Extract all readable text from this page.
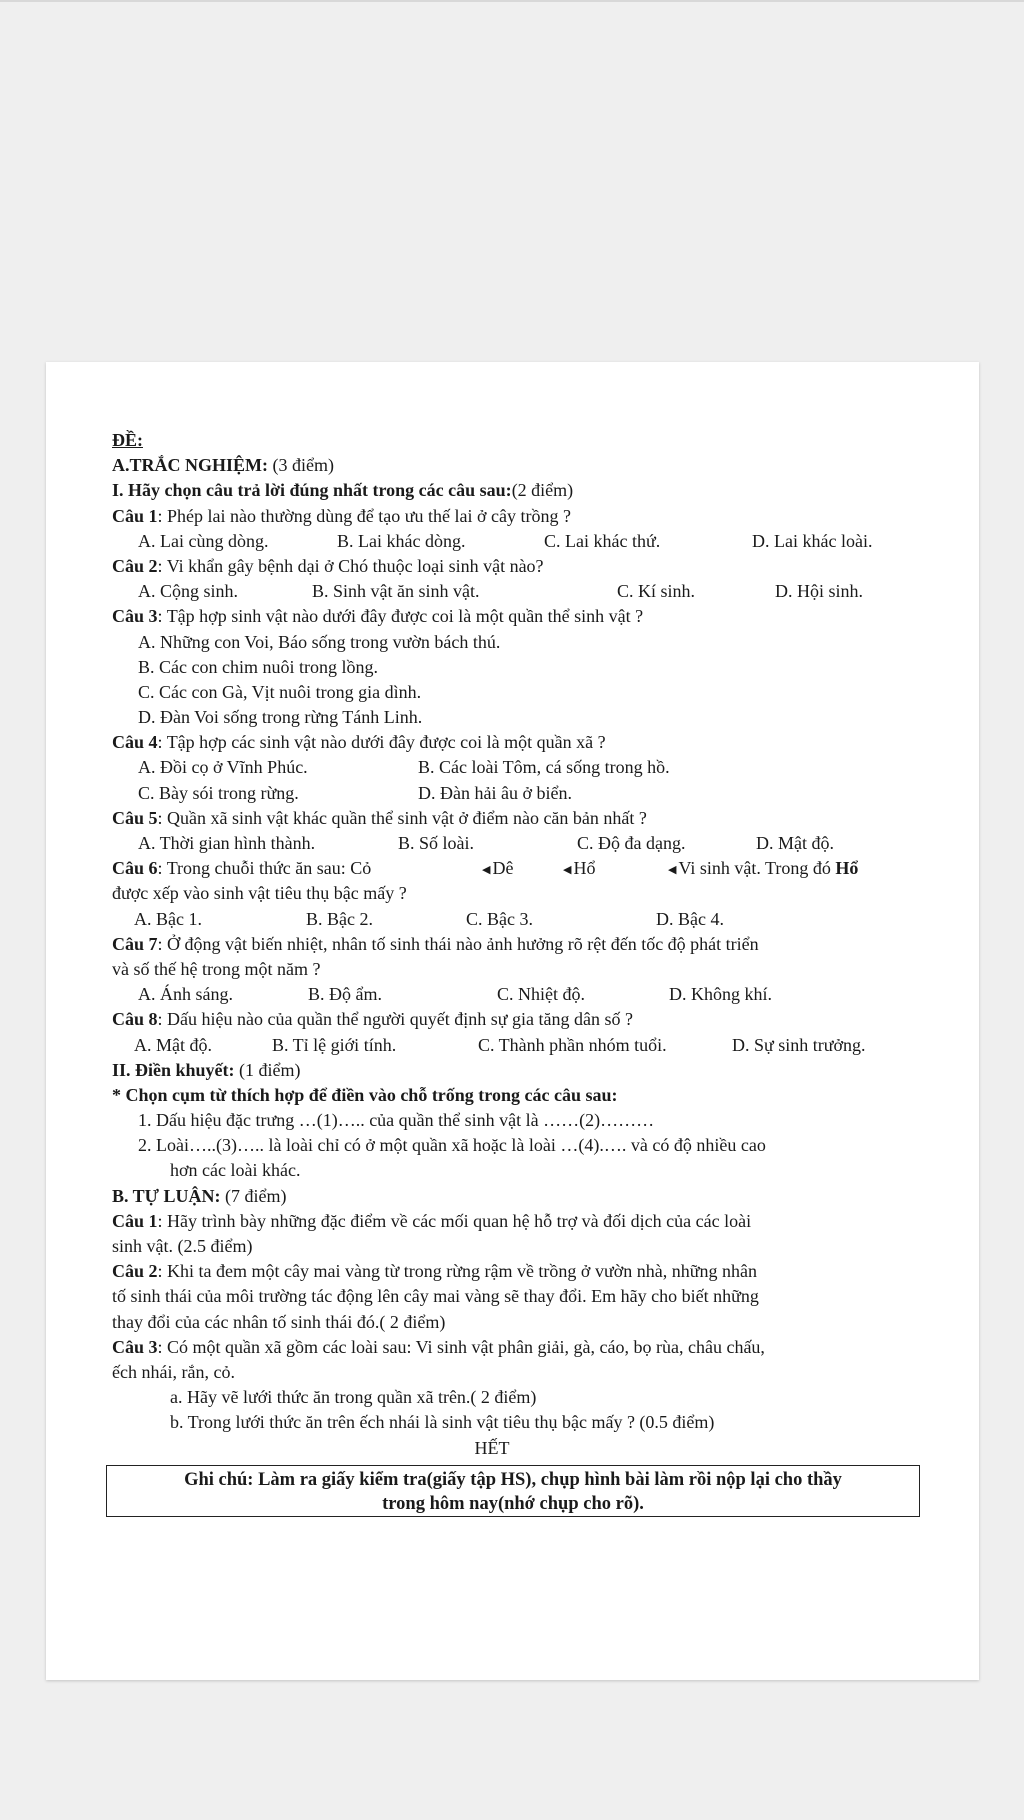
ĐỀ:
A.TRẮC NGHIỆM: (3 điểm)
I. Hãy chọn câu trả lời đúng nhất trong các câu sau:(2 điểm)
Câu 1: Phép lai nào thường dùng để tạo ưu thế lai ở cây trồng ?
A. Lai cùng dòng.	B. Lai khác dòng.	C. Lai khác thứ.	D. Lai khác loài.
Câu 2: Vi khẩn gây bệnh dại ở Chó thuộc loại sinh vật nào?
A. Cộng sinh.	B. Sinh vật ăn sinh vật.	C. Kí sinh.	D. Hội sinh.
Câu 3: Tập hợp sinh vật nào dưới đây được coi là một quần thể sinh vật ?
A. Những con Voi, Báo sống trong vườn bách thú.
B. Các con chim nuôi trong lồng.
C. Các con Gà, Vịt nuôi trong gia dình.
D. Đàn Voi sống trong rừng Tánh Linh.
Câu 4: Tập hợp các sinh vật nào dưới đây được coi là một quần xã ?
A. Đồi cọ ở Vĩnh Phúc.	B. Các loài Tôm, cá sống trong hồ.
C. Bày sói trong rừng.	D. Đàn hải âu ở biển.
Câu 5: Quần xã sinh vật khác quần thể sinh vật ở điểm nào căn bản nhất ?
A. Thời gian hình thành.	B. Số loài.	C. Độ đa dạng.	D. Mật độ.
Câu 6: Trong chuỗi thức ăn sau: Cỏ	◀ Dê	◀ Hổ	◀ Vi sinh vật. Trong đó Hổ
được xếp vào sinh vật tiêu thụ bậc mấy ?
A. Bậc 1.	B. Bậc 2.	C. Bậc 3.	D. Bậc 4.
Câu 7: Ở động vật biến nhiệt, nhân tố sinh thái nào ảnh hưởng rõ rệt đến tốc độ phát triển
và số thế hệ trong một năm ?
A. Ánh sáng.	B. Độ ẩm.	C. Nhiệt độ.	D. Không khí.
Câu 8: Dấu hiệu nào của quần thể người quyết định sự gia tăng dân số ?
A. Mật độ.	B. Tỉ lệ giới tính.	C. Thành phần nhóm tuổi.	D. Sự sinh trưởng.
II. Điền khuyết: (1 điểm)
* Chọn cụm từ thích hợp để điền vào chỗ trống trong các câu sau:
1. Dấu hiệu đặc trưng …(1)….. của quần thể sinh vật là ……(2)………
2. Loài…..(3)….. là loài chỉ có ở một quần xã hoặc là loài …(4).…. và có độ nhiều cao
hơn các loài khác.
B. TỰ LUẬN: (7 điểm)
Câu 1: Hãy trình bày những đặc điểm về các mối quan hệ hỗ trợ và đối dịch của các loài
sinh vật. (2.5 điểm)
Câu 2: Khi ta đem một cây mai vàng từ trong rừng rậm về trồng ở vườn nhà, những nhân
tố sinh thái của môi trường tác động lên cây mai vàng sẽ thay đổi. Em hãy cho biết những
thay đổi của các nhân tố sinh thái đó.( 2 điểm)
Câu 3: Có một quần xã gồm các loài sau: Vi sinh vật phân giải, gà, cáo, bọ rùa, châu chấu,
ếch nhái, rắn, cỏ.
a. Hãy vẽ lưới thức ăn trong quần xã trên.( 2 điểm)
b. Trong lưới thức ăn trên ếch nhái là sinh vật tiêu thụ bậc mấy ? (0.5 điểm)
HẾT
Ghi chú: Làm ra giấy kiểm tra(giấy tập HS), chụp hình bài làm rồi nộp lại cho thầy
trong hôm nay(nhớ chụp cho rõ).
